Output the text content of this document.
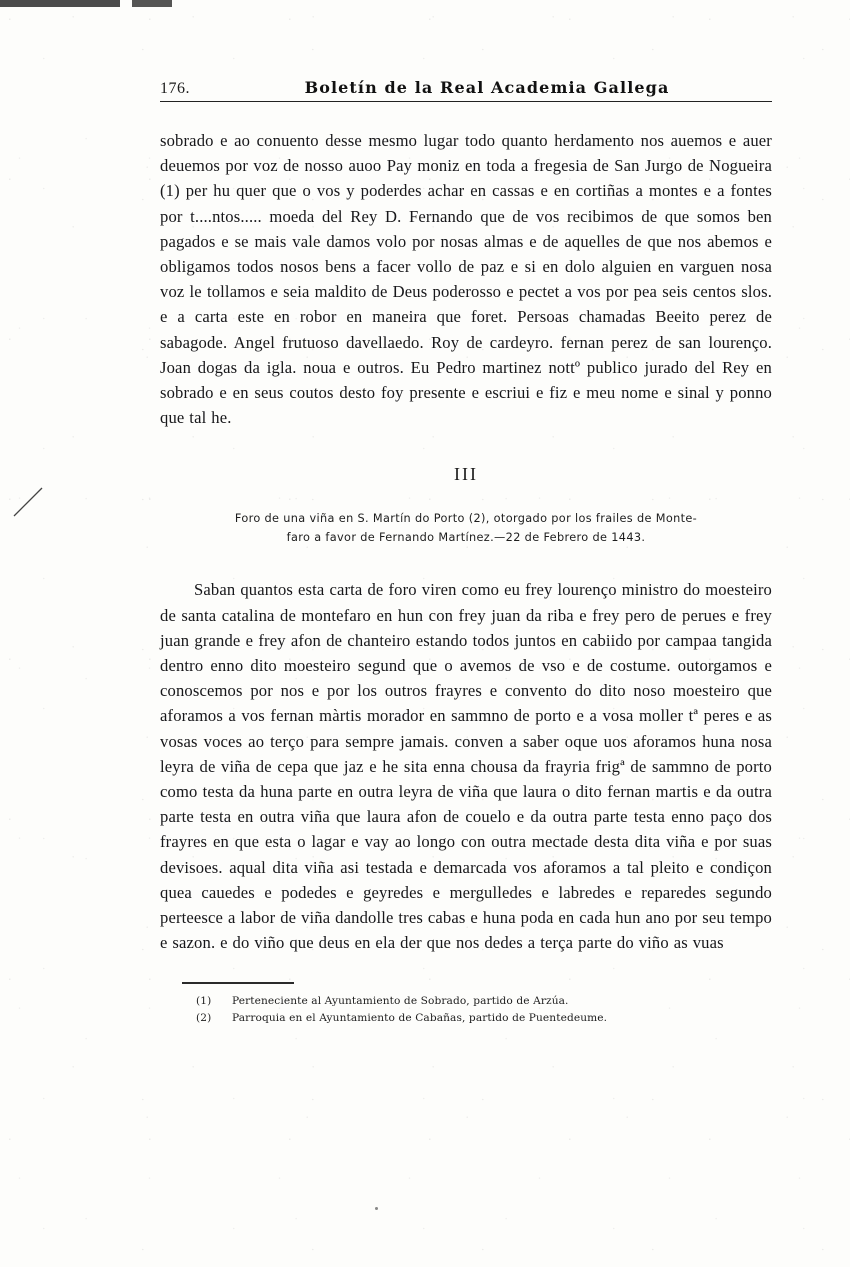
176.	Boletín de la Real Academia Gallega

sobrado e ao conuento desse mesmo lugar todo quanto herdamento nos auemos e auer deuemos por voz de nosso auoo Pay moniz en toda a fregesia de San Jurgo de Nogueira (1) per hu quer que o vos y poderdes achar en cassas e en cortiñas a montes e a fontes por t....ntos..... moeda del Rey D. Fernando que de vos recibimos de que somos ben pagados e se mais vale damos volo por nosas almas e de aquelles de que nos abemos e obligamos todos nosos bens a facer vollo de paz e si en dolo alguien en varguen nosa voz le tollamos e seia maldito de Deus poderosso e pectet a vos por pea seis centos slos. e a carta este en robor en maneira que foret. Persoas chamadas Beeito perez de sabagode. Angel frutuoso davellaedo. Roy de cardeyro. fernan perez de san lourenço. Joan dogas da igla. noua e outros. Eu Pedro martinez nottº publico jurado del Rey en sobrado e en seus coutos desto foy presente e escriui e fiz e meu nome e sinal y ponno que tal he.

III
Foro de una viña en S. Martín do Porto (2), otorgado por los frailes de Monte-
faro a favor de Fernando Martínez.—22 de Febrero de 1443.

Saban quantos esta carta de foro viren como eu frey lourenço ministro do moesteiro de santa catalina de montefaro en hun con frey juan da riba e frey pero de perues e frey juan grande e frey afon de chanteiro estando todos juntos en cabiido por campaa tangida dentro enno dito moesteiro segund que o avemos de vso e de costume. outorgamos e conoscemos por nos e por los outros frayres e convento do dito noso moesteiro que aforamos a vos fernan màrtis morador en sammno de porto e a vosa moller tª peres e as vosas voces ao terço para sempre jamais. conven a saber oque uos aforamos huna nosa leyra de viña de cepa que jaz e he sita enna chousa da frayria frigª de sammno de porto como testa da huna parte en outra leyra de viña que laura o dito fernan martis e da outra parte testa en outra viña que laura afon de couelo e da outra parte testa enno paço dos frayres en que esta o lagar e vay ao longo con outra mectade desta dita viña e por suas devisoes. aqual dita viña asi testada e demarcada vos aforamos a tal pleito e condiçon quea cauedes e podedes e geyredes e mergulledes e labredes e reparedes segundo perteesce a labor de viña dandolle tres cabas e huna poda en cada hun ano por seu tempo e sazon. e do viño que deus en ela der que nos dedes a terça parte do viño as vuas

(1)	Perteneciente al Ayuntamiento de Sobrado, partido de Arzúa.
(2)	Parroquia en el Ayuntamiento de Cabañas, partido de Puentedeume.
